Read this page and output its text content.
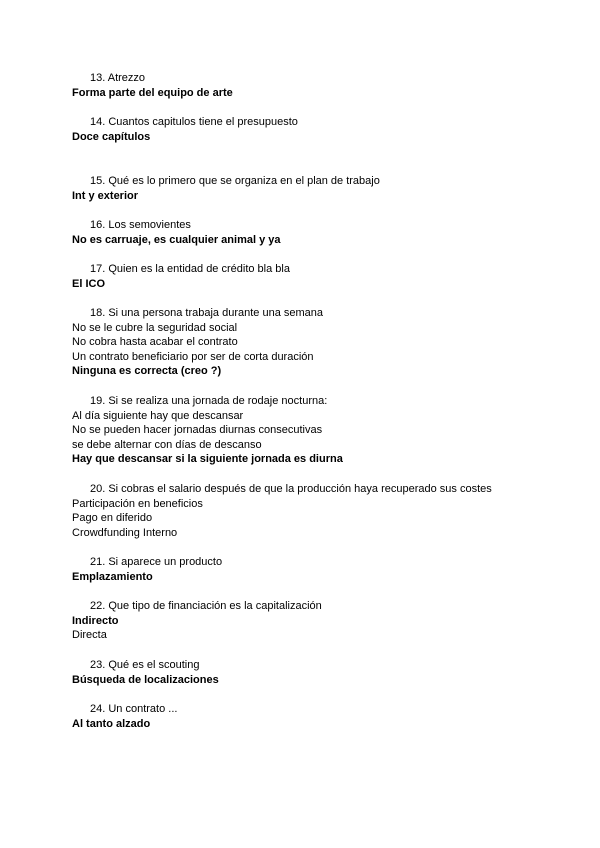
13. Atrezzo
Forma parte del equipo de arte
14. Cuantos capitulos tiene el presupuesto
Doce capítulos
15. Qué es lo primero que se organiza en el plan de trabajo
Int y exterior
16. Los semovientes
No es carruaje, es cualquier animal y ya
17. Quien es la entidad de crédito bla bla
El ICO
18. Si una persona trabaja durante una semana
No se le cubre la seguridad social
No cobra hasta acabar el contrato
Un contrato beneficiario por ser de corta duración
Ninguna es correcta (creo ?)
19. Si se realiza una jornada de rodaje nocturna:
Al día siguiente hay que descansar
No se pueden hacer jornadas diurnas consecutivas
se debe alternar con días de descanso
Hay que descansar si la siguiente jornada es diurna
20. Si cobras el salario después de que la producción haya recuperado sus costes
Participación en beneficios
Pago en diferido
Crowdfunding Interno
21. Si aparece un producto
Emplazamiento
22. Que tipo de financiación es la capitalización
Indirecto
Directa
23. Qué es el scouting
Búsqueda de localizaciones
24. Un contrato ...
Al tanto alzado
